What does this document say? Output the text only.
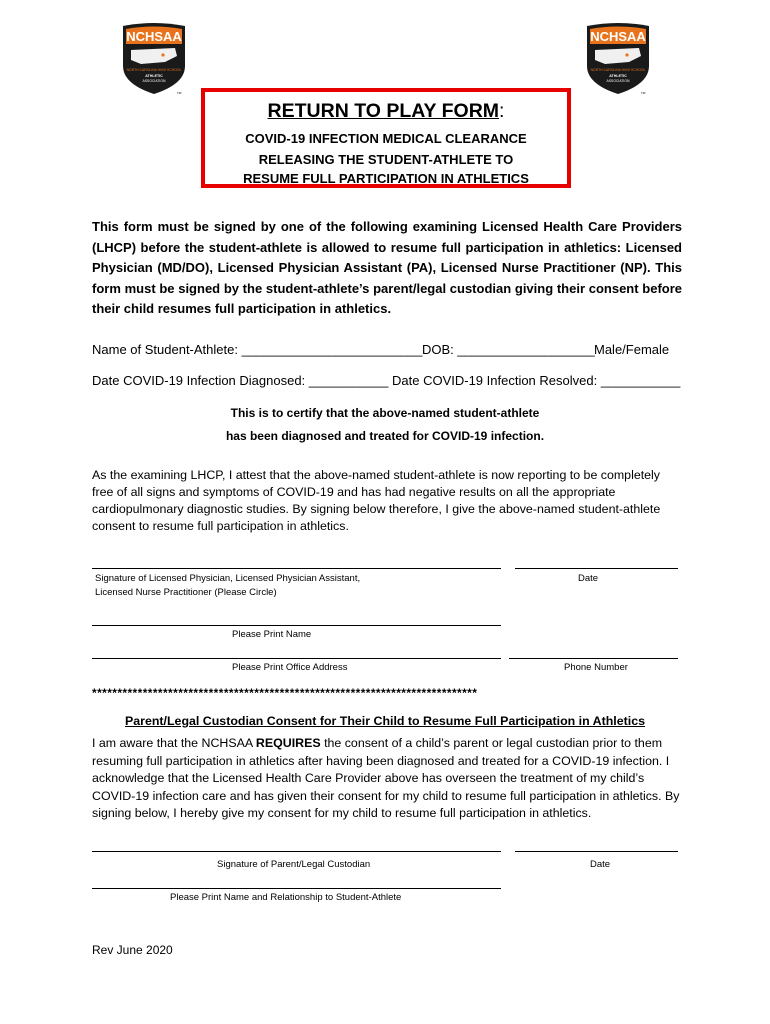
NCHSAA
NORTH CAROLINA HIGH SCHOOL
ATHLETIC
ASSOCIATION
TM
NCHSAA
NORTH CAROLINA HIGH SCHOOL
ATHLETIC
ASSOCIATION
TM
RETURN TO PLAY FORM:
COVID-19 INFECTION MEDICAL CLEARANCE
RELEASING THE STUDENT-ATHLETE TO
RESUME FULL PARTICIPATION IN ATHLETICS
This form must be signed by one of the following examining Licensed Health Care Providers (LHCP) before the student-athlete is allowed to resume full participation in athletics: Licensed Physician (MD/DO), Licensed Physician Assistant (PA), Licensed Nurse Practitioner (NP). This form must be signed by the student-athlete’s parent/legal custodian giving their consent before their child resumes full participation in athletics.
Name of Student-Athlete: _________________________ DOB: ___________________ Male/Female
Date COVID-19 Infection Diagnosed: ___________ Date COVID-19 Infection Resolved: ___________
This is to certify that the above-named student-athlete
has been diagnosed and treated for COVID-19 infection.
As the examining LHCP, I attest that the above-named student-athlete is now reporting to be completely free of all signs and symptoms of COVID-19 and has had negative results on all the appropriate cardiopulmonary diagnostic studies. By signing below therefore, I give the above-named student-athlete consent to resume full participation in athletics.
Signature of Licensed Physician, Licensed Physician Assistant,
Licensed Nurse Practitioner (Please Circle)
Date
Please Print Name
Please Print Office Address	Phone Number
****************************************************************************
Parent/Legal Custodian Consent for Their Child to Resume Full Participation in Athletics
I am aware that the NCHSAA REQUIRES the consent of a child’s parent or legal custodian prior to them resuming full participation in athletics after having been diagnosed and treated for a COVID-19 infection. I acknowledge that the Licensed Health Care Provider above has overseen the treatment of my child’s COVID-19 infection care and has given their consent for my child to resume full participation in athletics. By signing below, I hereby give my consent for my child to resume full participation in athletics.
Signature of Parent/Legal Custodian	Date
Please Print Name and Relationship to Student-Athlete
Rev June 2020
